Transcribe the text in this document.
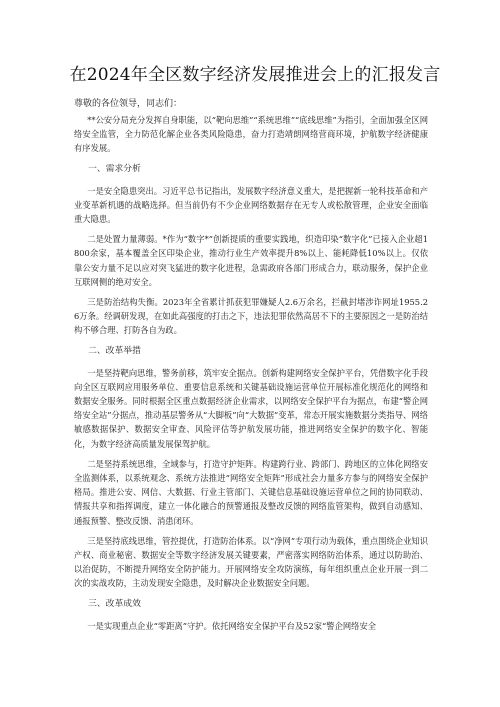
在2024年全区数字经济发展推进会上的汇报发言

尊敬的各位领导，同志们：

**公安分局充分发挥自身职能，以“靶向思维”“系统思维”“底线思维”为指引，全面加强全区网络安全监管，全力防范化解企业各类风险隐患，奋力打造靖朗网络营商环境，护航数字经济健康有序发展。

一、需求分析

一是安全隐患突出。习近平总书记指出，发展数字经济意义重大，是把握新一轮科技革命和产业变革新机遇的战略选择。但当前仍有不少企业网络数据存在无专人或松散管理，企业安全面临重大隐患。

二是处置力量薄弱。*作为“数字*”创新提质的重要实践地，织造印染“数字化”已接入企业超1800余家，基本覆盖全区印染企业，推动行业生产效率提升8%以上、能耗降低10%以上。仅依靠公安力量不足以应对突飞猛进的数字化进程，急需政府各部门形成合力，联动服务，保护企业互联网侧的绝对安全。

三是防治结构失衡。2023年全省累计抓获犯罪嫌疑人2.6万余名，拦截封堵涉诈网址1955.26万条。经调研发现，在如此高强度的打击之下，违法犯罪依然高居不下的主要原因之一是防治结构不够合理、打防各自为政。

二、改革举措

一是坚持靶向思维，警务前移，筑牢安全据点。创新构建网络安全保护平台，凭借数字化手段向全区互联网应用服务单位、重要信息系统和关键基础设施运营单位开展标准化规范化的网络和数据安全服务。同时根据全区重点数据经济企业需求，以网络安全保护平台为据点，布建“警企网络安全站”分据点，推动基层警务从“大脚板”向“大数据”变革，常态开展实施数据分类指导、网络敏感数据保护、数据安全审查、风险评估等护航发展功能，推进网络安全保护的数字化、智能化，为数字经济高质量发展保驾护航。

二是坚持系统思维，全域参与，打造守护矩阵。构建跨行业、跨部门、跨地区的立体化网络安全监测体系，以系统观念、系统方法推进“网络安全矩阵”形成社会力量多方参与的网络安全保护格局。推进公安、网信、大数据、行业主管部门、关键信息基础设施运营单位之间的协同联动、情报共享和指挥调度，建立一体化融合的预警通报及整改反馈的网络监管架构，做到自动感知、通报预警、整改反馈、消患闭环。

三是坚持底线思维，管控提优，打造防治体系。以“净网”专项行动为载体，重点围绕企业知识产权、商业秘密、数据安全等数字经济发展关键要素，严密落实网络防治体系，通过以防助治、以治促防，不断提升网络安全防护能力。开展网络安全攻防演练，每年组织重点企业开展一到二次的实战攻防，主动发现安全隐患，及时解决企业数据安全问题。

三、改革成效

一是实现重点企业“零距离”守护。依托网络安全保护平台及52家“警企网络安全
